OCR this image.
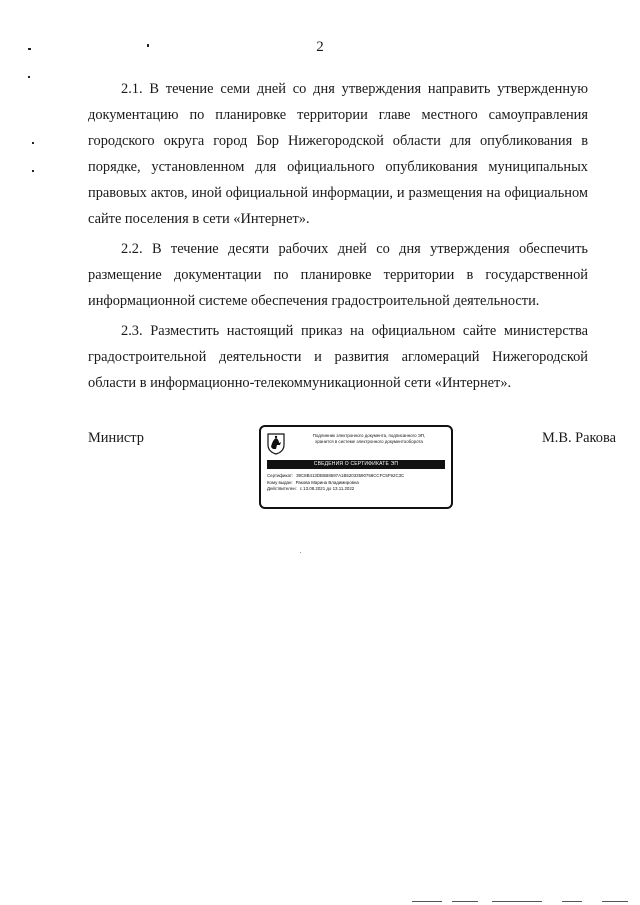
2

2.1. В течение семи дней со дня утверждения направить утвержденную документацию по планировке территории главе местного самоуправления городского округа город Бор Нижегородской области для опубликования в порядке, установленном для официального опубликования муниципальных правовых актов, иной официальной информации, и размещения на официальном сайте поселения в сети «Интернет».

2.2. В течение десяти рабочих дней со дня утверждения обеспечить размещение документации по планировке территории в государственной информационной системе обеспечения градостроительной деятельности.

2.3. Разместить настоящий приказ на официальном сайте министерства градостроительной деятельности и развития агломераций Нижегородской области в информационно-телекоммуникационной сети «Интернет».

Министр	М.В. Ракова
Подлинник электронного документа, подписанного ЭП,
хранится в системе электронного документооборота
СВЕДЕНИЯ О СЕРТИФИКАТЕ ЭП
Сертификат: 39C8B413DB5B8597A1B52033590758CCFC5F92C3C
Кому выдан: Ракова Марина Владимировна
Действителен: с 13.08.2021 до 13.11.2022
